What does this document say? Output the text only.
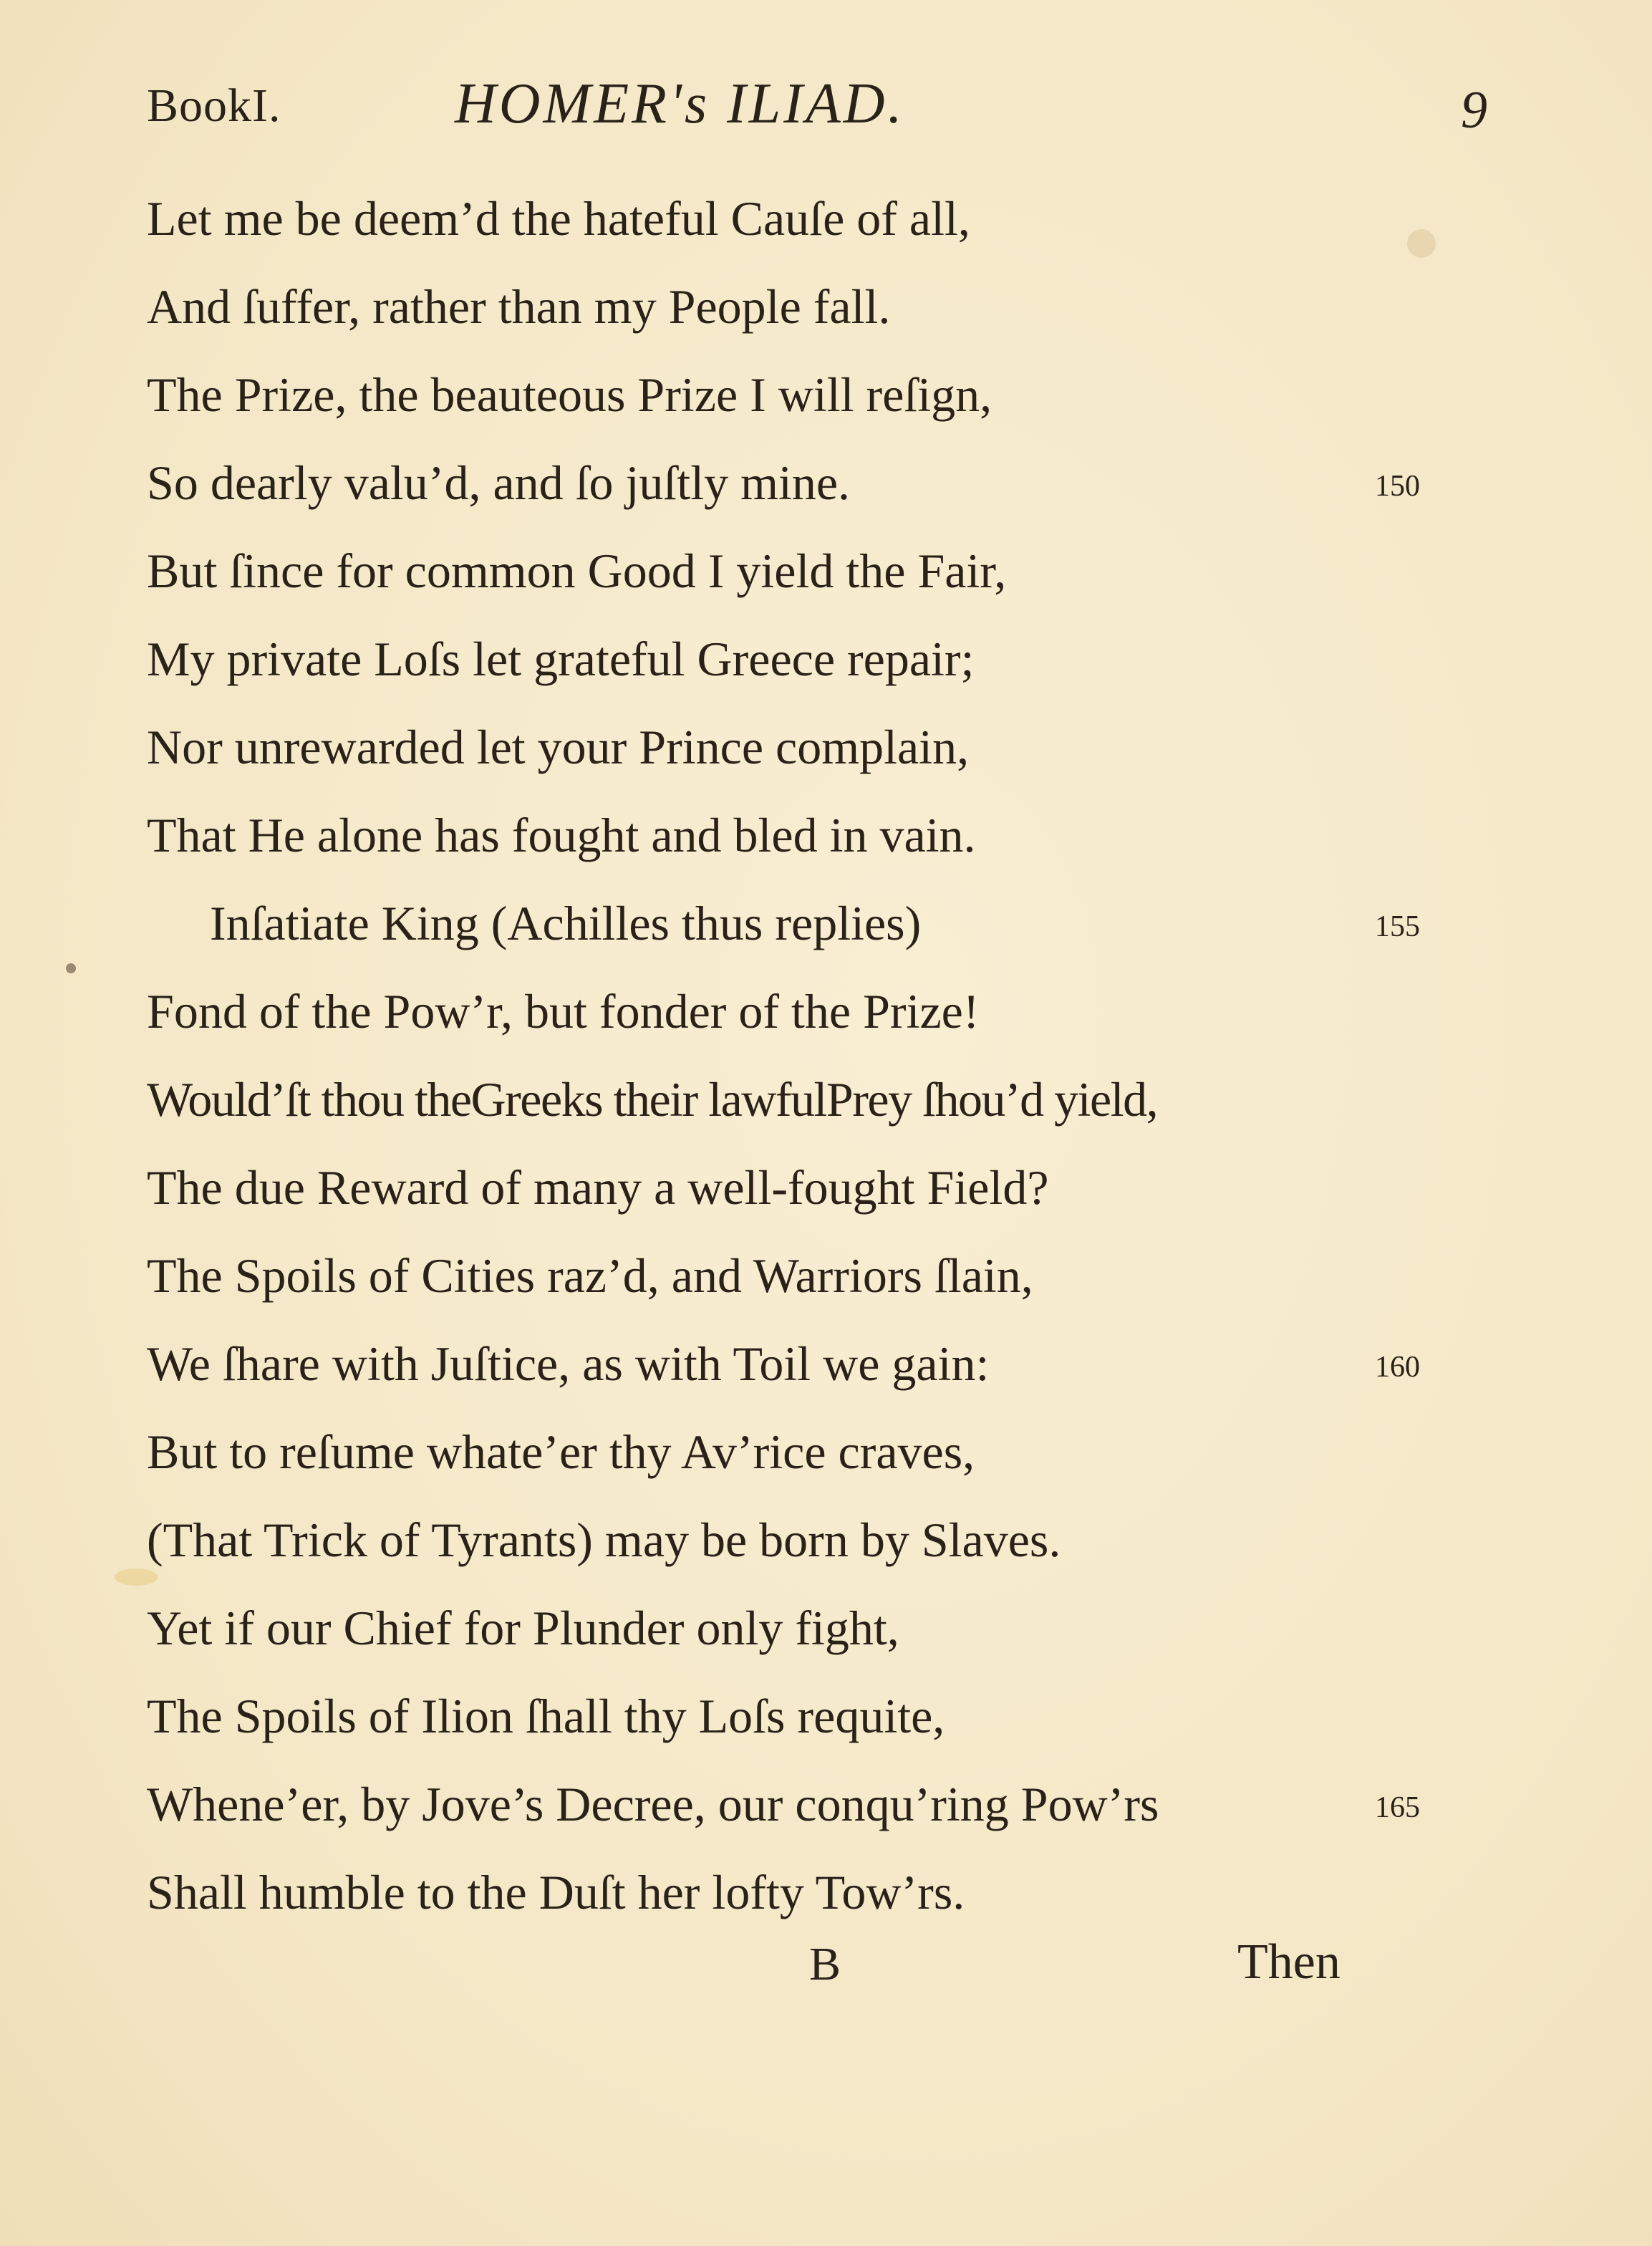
BookI.	HOMER's ILIAD.	9
Let me be deem’d the hateful Cauſe of all,
And ſuffer, rather than my People fall.
The Prize, the beauteous Prize I will reſign,
So dearly valu’d, and ſo juſtly mine.	150
But ſince for common Good I yield the Fair,
My private Loſs let grateful Greece repair;
Nor unrewarded let your Prince complain,
That He alone has fought and bled in vain.
Inſatiate King (Achilles thus replies)	155
Fond of the Pow’r, but fonder of the Prize!
Would’ſt thou theGreeks their lawfulPrey ſhou’d yield,
The due Reward of many a well-fought Field?
The Spoils of Cities raz’d, and Warriors ſlain,
We ſhare with Juſtice, as with Toil we gain:	160
But to reſume whate’er thy Av’rice craves,
(That Trick of Tyrants) may be born by Slaves.
Yet if our Chief for Plunder only fight,
The Spoils of Ilion ſhall thy Loſs requite,
Whene’er, by Jove’s Decree, our conqu’ring Pow’rs	165
Shall humble to the Duſt her lofty Tow’rs.
B	Then
